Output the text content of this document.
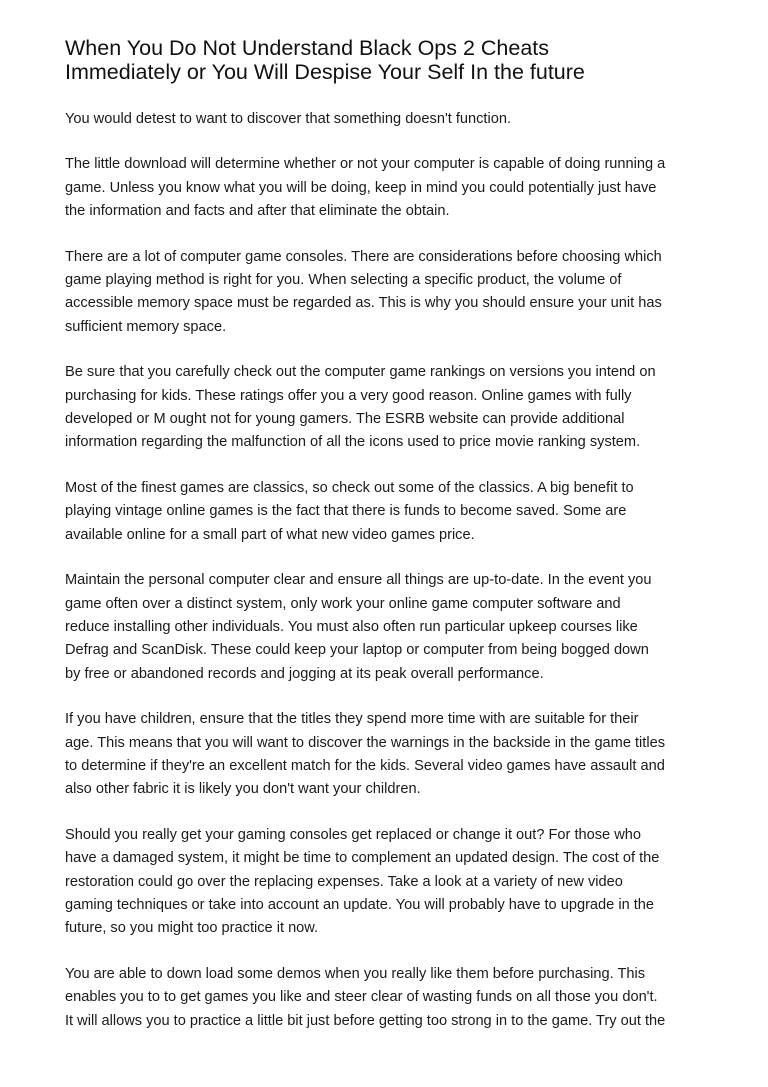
When You Do Not Understand Black Ops 2 Cheats
Immediately or You Will Despise Your Self In the future

You would detest to want to discover that something doesn't function.

The little download will determine whether or not your computer is capable of doing running a
game. Unless you know what you will be doing, keep in mind you could potentially just have
the information and facts and after that eliminate the obtain.

There are a lot of computer game consoles. There are considerations before choosing which
game playing method is right for you. When selecting a specific product, the volume of
accessible memory space must be regarded as. This is why you should ensure your unit has
sufficient memory space.

Be sure that you carefully check out the computer game rankings on versions you intend on
purchasing for kids. These ratings offer you a very good reason. Online games with fully
developed or M ought not for young gamers. The ESRB website can provide additional
information regarding the malfunction of all the icons used to price movie ranking system.

Most of the finest games are classics, so check out some of the classics. A big benefit to
playing vintage online games is the fact that there is funds to become saved. Some are
available online for a small part of what new video games price.

Maintain the personal computer clear and ensure all things are up-to-date. In the event you
game often over a distinct system, only work your online game computer software and
reduce installing other individuals. You must also often run particular upkeep courses like
Defrag and ScanDisk. These could keep your laptop or computer from being bogged down
by free or abandoned records and jogging at its peak overall performance.

If you have children, ensure that the titles they spend more time with are suitable for their
age. This means that you will want to discover the warnings in the backside in the game titles
to determine if they're an excellent match for the kids. Several video games have assault and
also other fabric it is likely you don't want your children.

Should you really get your gaming consoles get replaced or change it out? For those who
have a damaged system, it might be time to complement an updated design. The cost of the
restoration could go over the replacing expenses. Take a look at a variety of new video
gaming techniques or take into account an update. You will probably have to upgrade in the
future, so you might too practice it now.

You are able to down load some demos when you really like them before purchasing. This
enables you to to get games you like and steer clear of wasting funds on all those you don't.
It will allows you to practice a little bit just before getting too strong in to the game. Try out the
